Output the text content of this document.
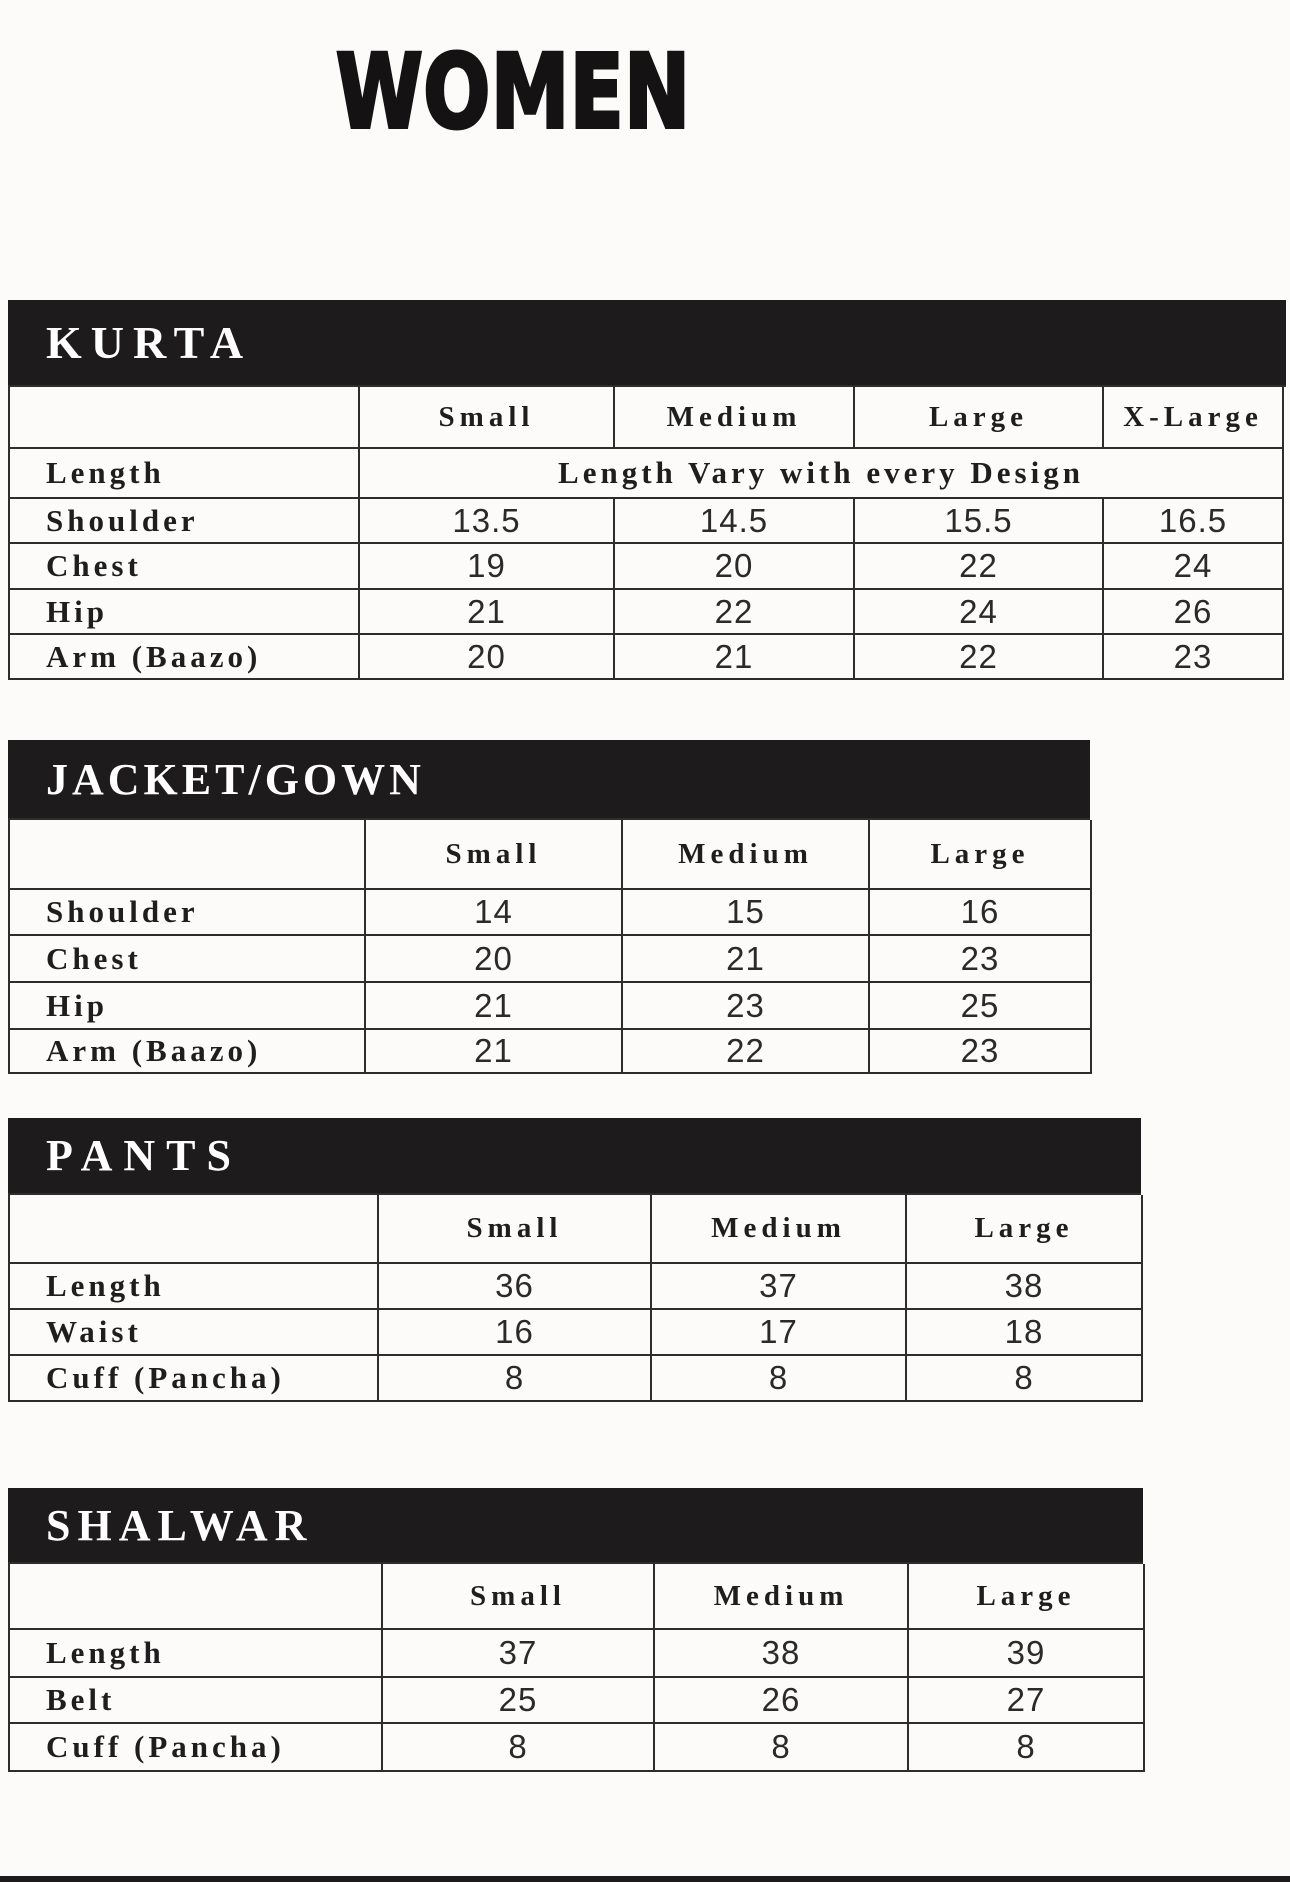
WOMEN
KURTA
Small	Medium	Large	X-Large
Length	Length Vary with every Design
Shoulder	13.5	14.5	15.5	16.5
Chest	19	20	22	24
Hip	21	22	24	26
Arm (Baazo)	20	21	22	23
JACKET/GOWN
Small	Medium	Large
Shoulder	14	15	16
Chest	20	21	23
Hip	21	23	25
Arm (Baazo)	21	22	23
PANTS
Small	Medium	Large
Length	36	37	38
Waist	16	17	18
Cuff (Pancha)	8	8	8
SHALWAR
Small	Medium	Large
Length	37	38	39
Belt	25	26	27
Cuff (Pancha)	8	8	8
